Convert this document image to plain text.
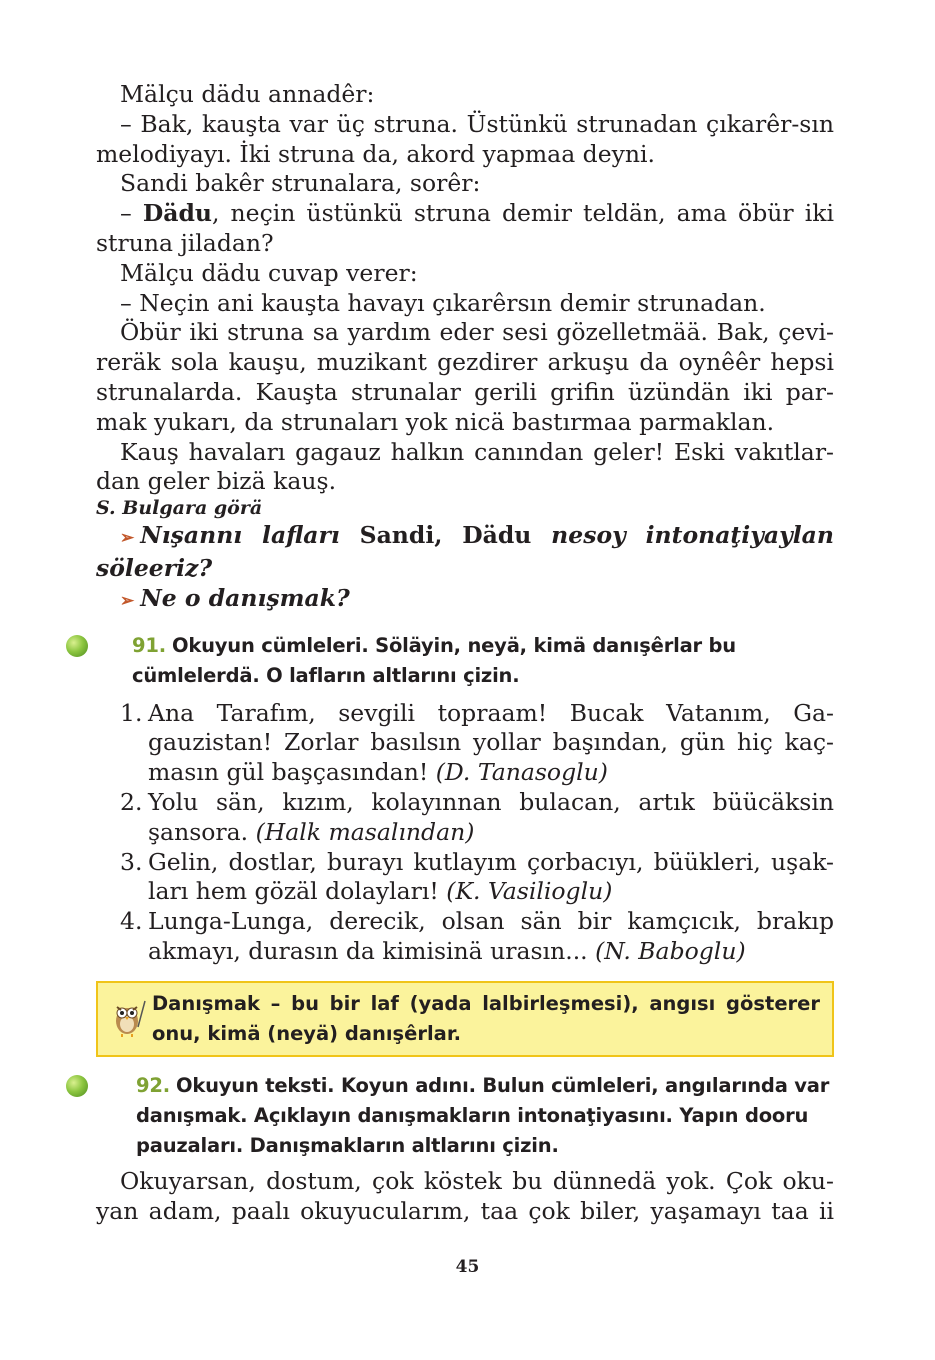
Mälçu dädu annadêr:

– Bak, kauşta var üç struna. Üstünkü strunadan çıkarêr-sın melodiyayı. İki struna da, akord yapmaa deyni.

Sandi bakêr strunalara, sorêr:

– Dädu, neçin üstünkü struna demir teldän, ama öbür iki struna jiladan?

Mälçu dädu cuvap verer:

– Neçin ani kauşta havayı çıkarêrsın demir strunadan.

Öbür iki struna sa yardım eder sesi gözelletmää. Bak, çevi-reräk sola kauşu, muzikant gezdirer arkuşu da oynêêr hepsi strunalarda. Kauşta strunalar gerili grifin üzündän iki par-mak yukarı, da strunaları yok nicä bastırmaa parmaklan.

Kauş havaları gagauz halkın canından geler! Eski vakıtlar-dan geler bizä kauş.

S. Bulgara görä

➢ Nışannı lafları Sandi, Dädu nesoy intonaţiyaylan söleeriz?

➢ Ne o danışmak?

91. Okuyun cümleleri. Söläyin, neyä, kimä danışêrlar bu cümlelerdä. O lafların altlarını çizin.
1. Ana Tarafım, sevgili topraam! Bucak Vatanım, Ga-gauzistan! Zorlar basılsın yollar başından, gün hiç kaç-masın gül başçasından! (D. Tanasoglu)
2. Yolu sän, kızım, kolayınnan bulacan, artık büücäksin şansora. (Halk masalından)
3. Gelin, dostlar, burayı kutlayım çorbacıyı, büükleri, uşak-ları hem gözäl dolayları! (K. Vasilioglu)
4. Lunga-Lunga, derecik, olsan sän bir kamçıcık, brakıp akmayı, durasın da kimisinä urasın... (N. Baboglu)
Danışmak – bu bir laf (yada lalbirleşmesi), angısı gösterer onu, kimä (neyä) danışêrlar.
92. Okuyun teksti. Koyun adını. Bulun cümleleri, angılarında var danışmak. Açıklayın danışmakların intonaţiyasını. Yapın dooru pauzaları. Danışmakların altlarını çizin.

Okuyarsan, dostum, çok köstek bu dünnedä yok. Çok oku-yan adam, paalı okuyucularım, taa çok biler, yaşamayı taa ii

45
